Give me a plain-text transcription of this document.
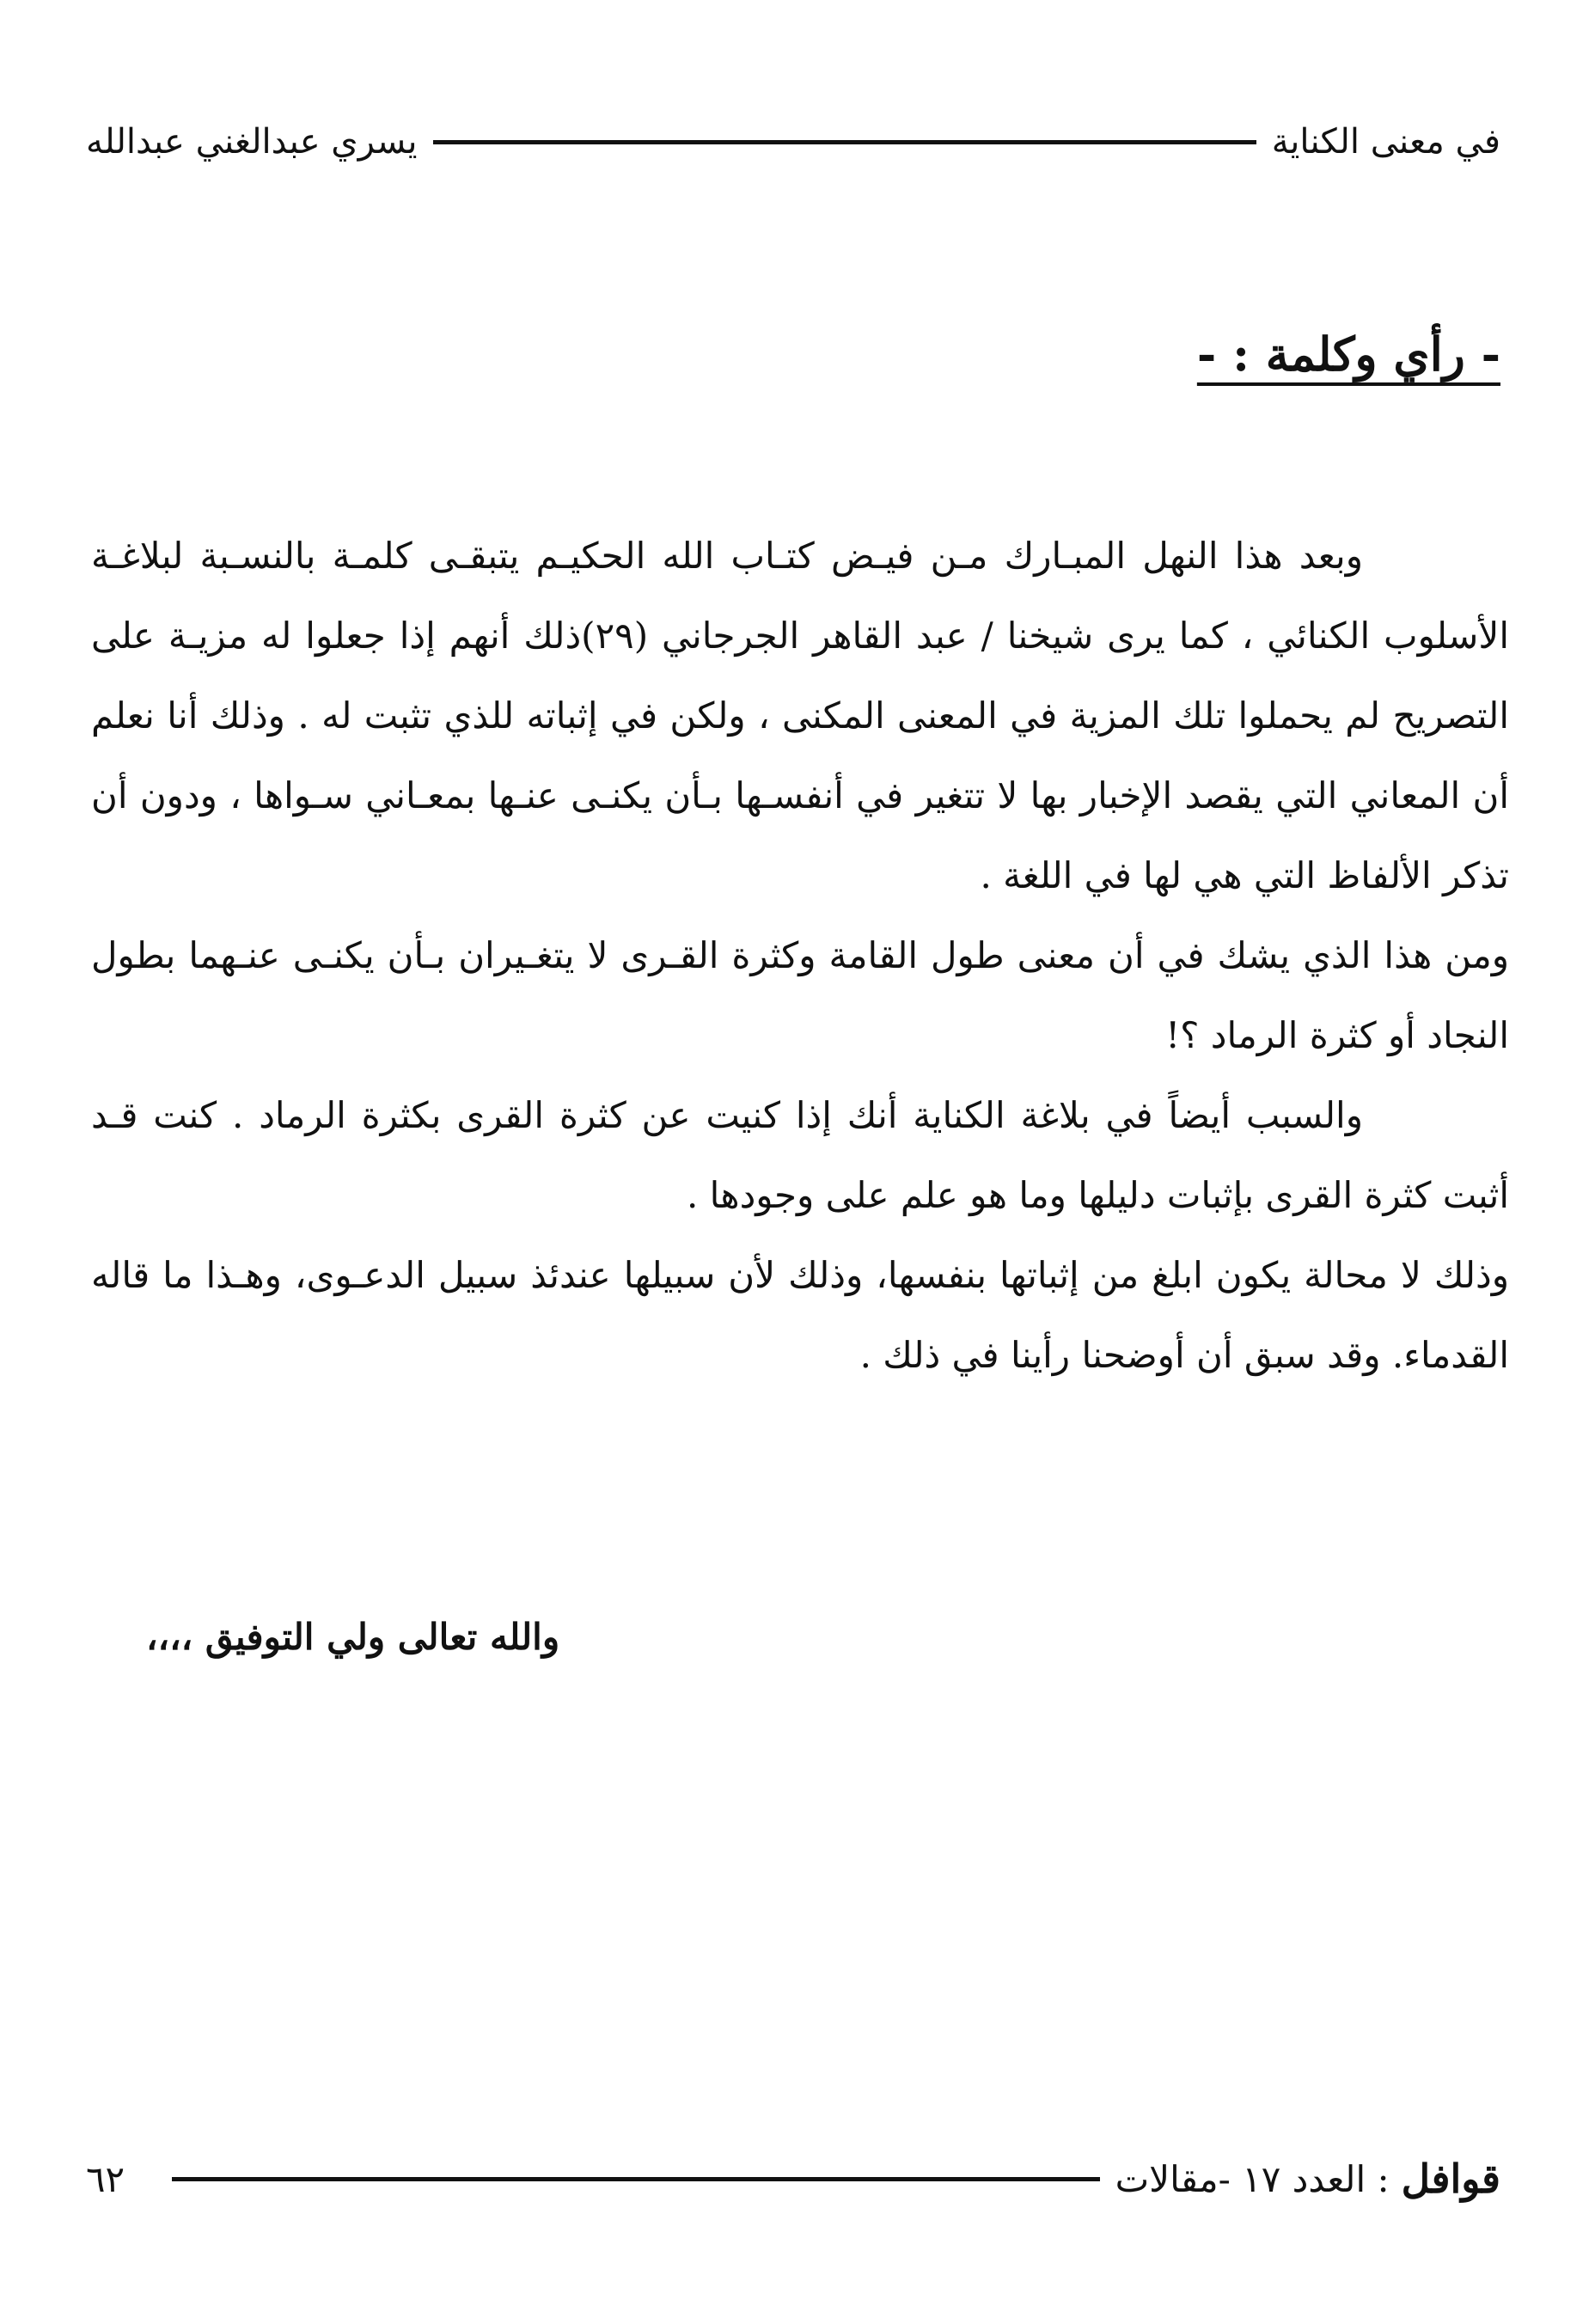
في معنى الكناية
يسري عبدالغني عبدالله
- رأي وكلمة : -

وبعد هذا النهل المبـارك مـن فيـض كتـاب الله الحكيـم يتبقـى كلمـة بالنسـبة لبلاغـة الأسلوب الكنائي ، كما يرى شيخنا / عبد القاهر الجرجاني (٢٩)ذلك أنهم إذا جعلوا له مزيـة على التصريح لم يحملوا تلك المزية في المعنى المكنى ، ولكن في إثباته للذي تثبت له . وذلك أنا نعلم أن المعاني التي يقصد الإخبار بها لا تتغير في أنفسـها بـأن يكنـى عنـها بمعـاني سـواها ، ودون أن تذكر الألفاظ التي هي لها في اللغة .

ومن هذا الذي يشك في أن معنى طول القامة وكثرة القـرى لا يتغـيران بـأن يكنـى عنـهما بطول النجاد أو كثرة الرماد ؟!

والسبب أيضاً في بلاغة الكناية أنك إذا كنيت عن كثرة القرى بكثرة الرماد . كنت قـد أثبت كثرة القرى بإثبات دليلها وما هو علم على وجودها .

وذلك لا محالة يكون ابلغ من إثباتها بنفسها، وذلك لأن سبيلها عندئذ سبيل الدعـوى، وهـذا ما قاله القدماء. وقد سبق أن أوضحنا رأينا في ذلك .

والله تعالى ولي التوفيق ،،،،
قوافل
: العدد ١٧ -مقالات
٦٢
